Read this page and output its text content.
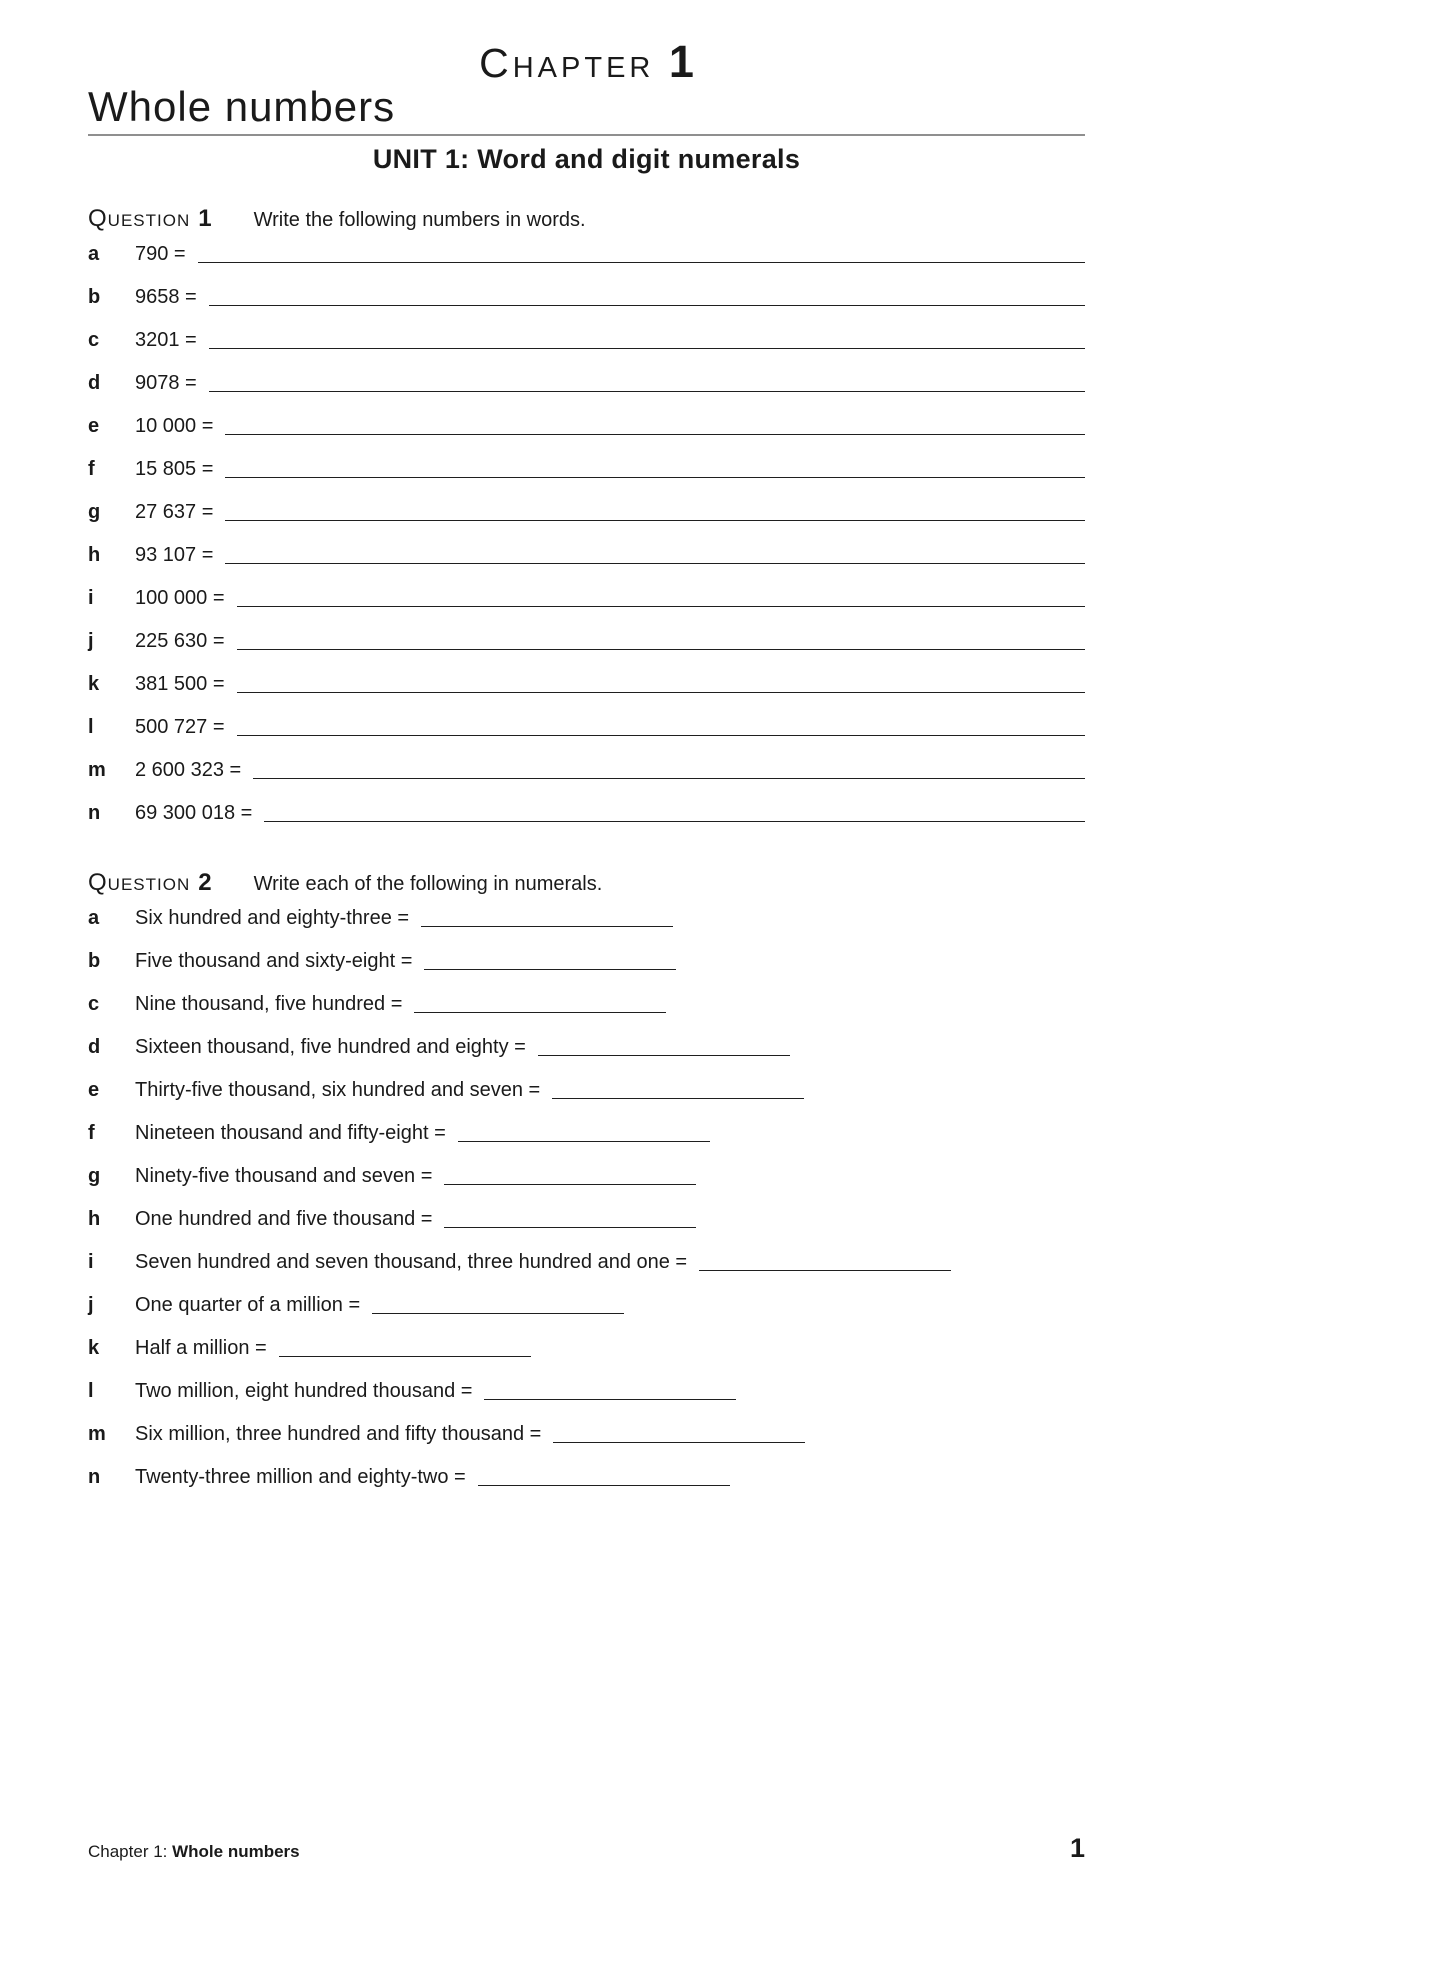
Chapter 1
Whole numbers
UNIT 1: Word and digit numerals
Question 1 Write the following numbers in words.
a	790 =
b	9658 =
c	3201 =
d	9078 =
e	10 000 =
f	15 805 =
g	27 637 =
h	93 107 =
i	100 000 =
j	225 630 =
k	381 500 =
l	500 727 =
m	2 600 323 =
n	69 300 018 =
Question 2 Write each of the following in numerals.
a	Six hundred and eighty-three =
b	Five thousand and sixty-eight =
c	Nine thousand, five hundred =
d	Sixteen thousand, five hundred and eighty =
e	Thirty-five thousand, six hundred and seven =
f	Nineteen thousand and fifty-eight =
g	Ninety-five thousand and seven =
h	One hundred and five thousand =
i	Seven hundred and seven thousand, three hundred and one =
j	One quarter of a million =
k	Half a million =
l	Two million, eight hundred thousand =
m	Six million, three hundred and fifty thousand =
n	Twenty-three million and eighty-two =
Chapter 1: Whole numbers	1
